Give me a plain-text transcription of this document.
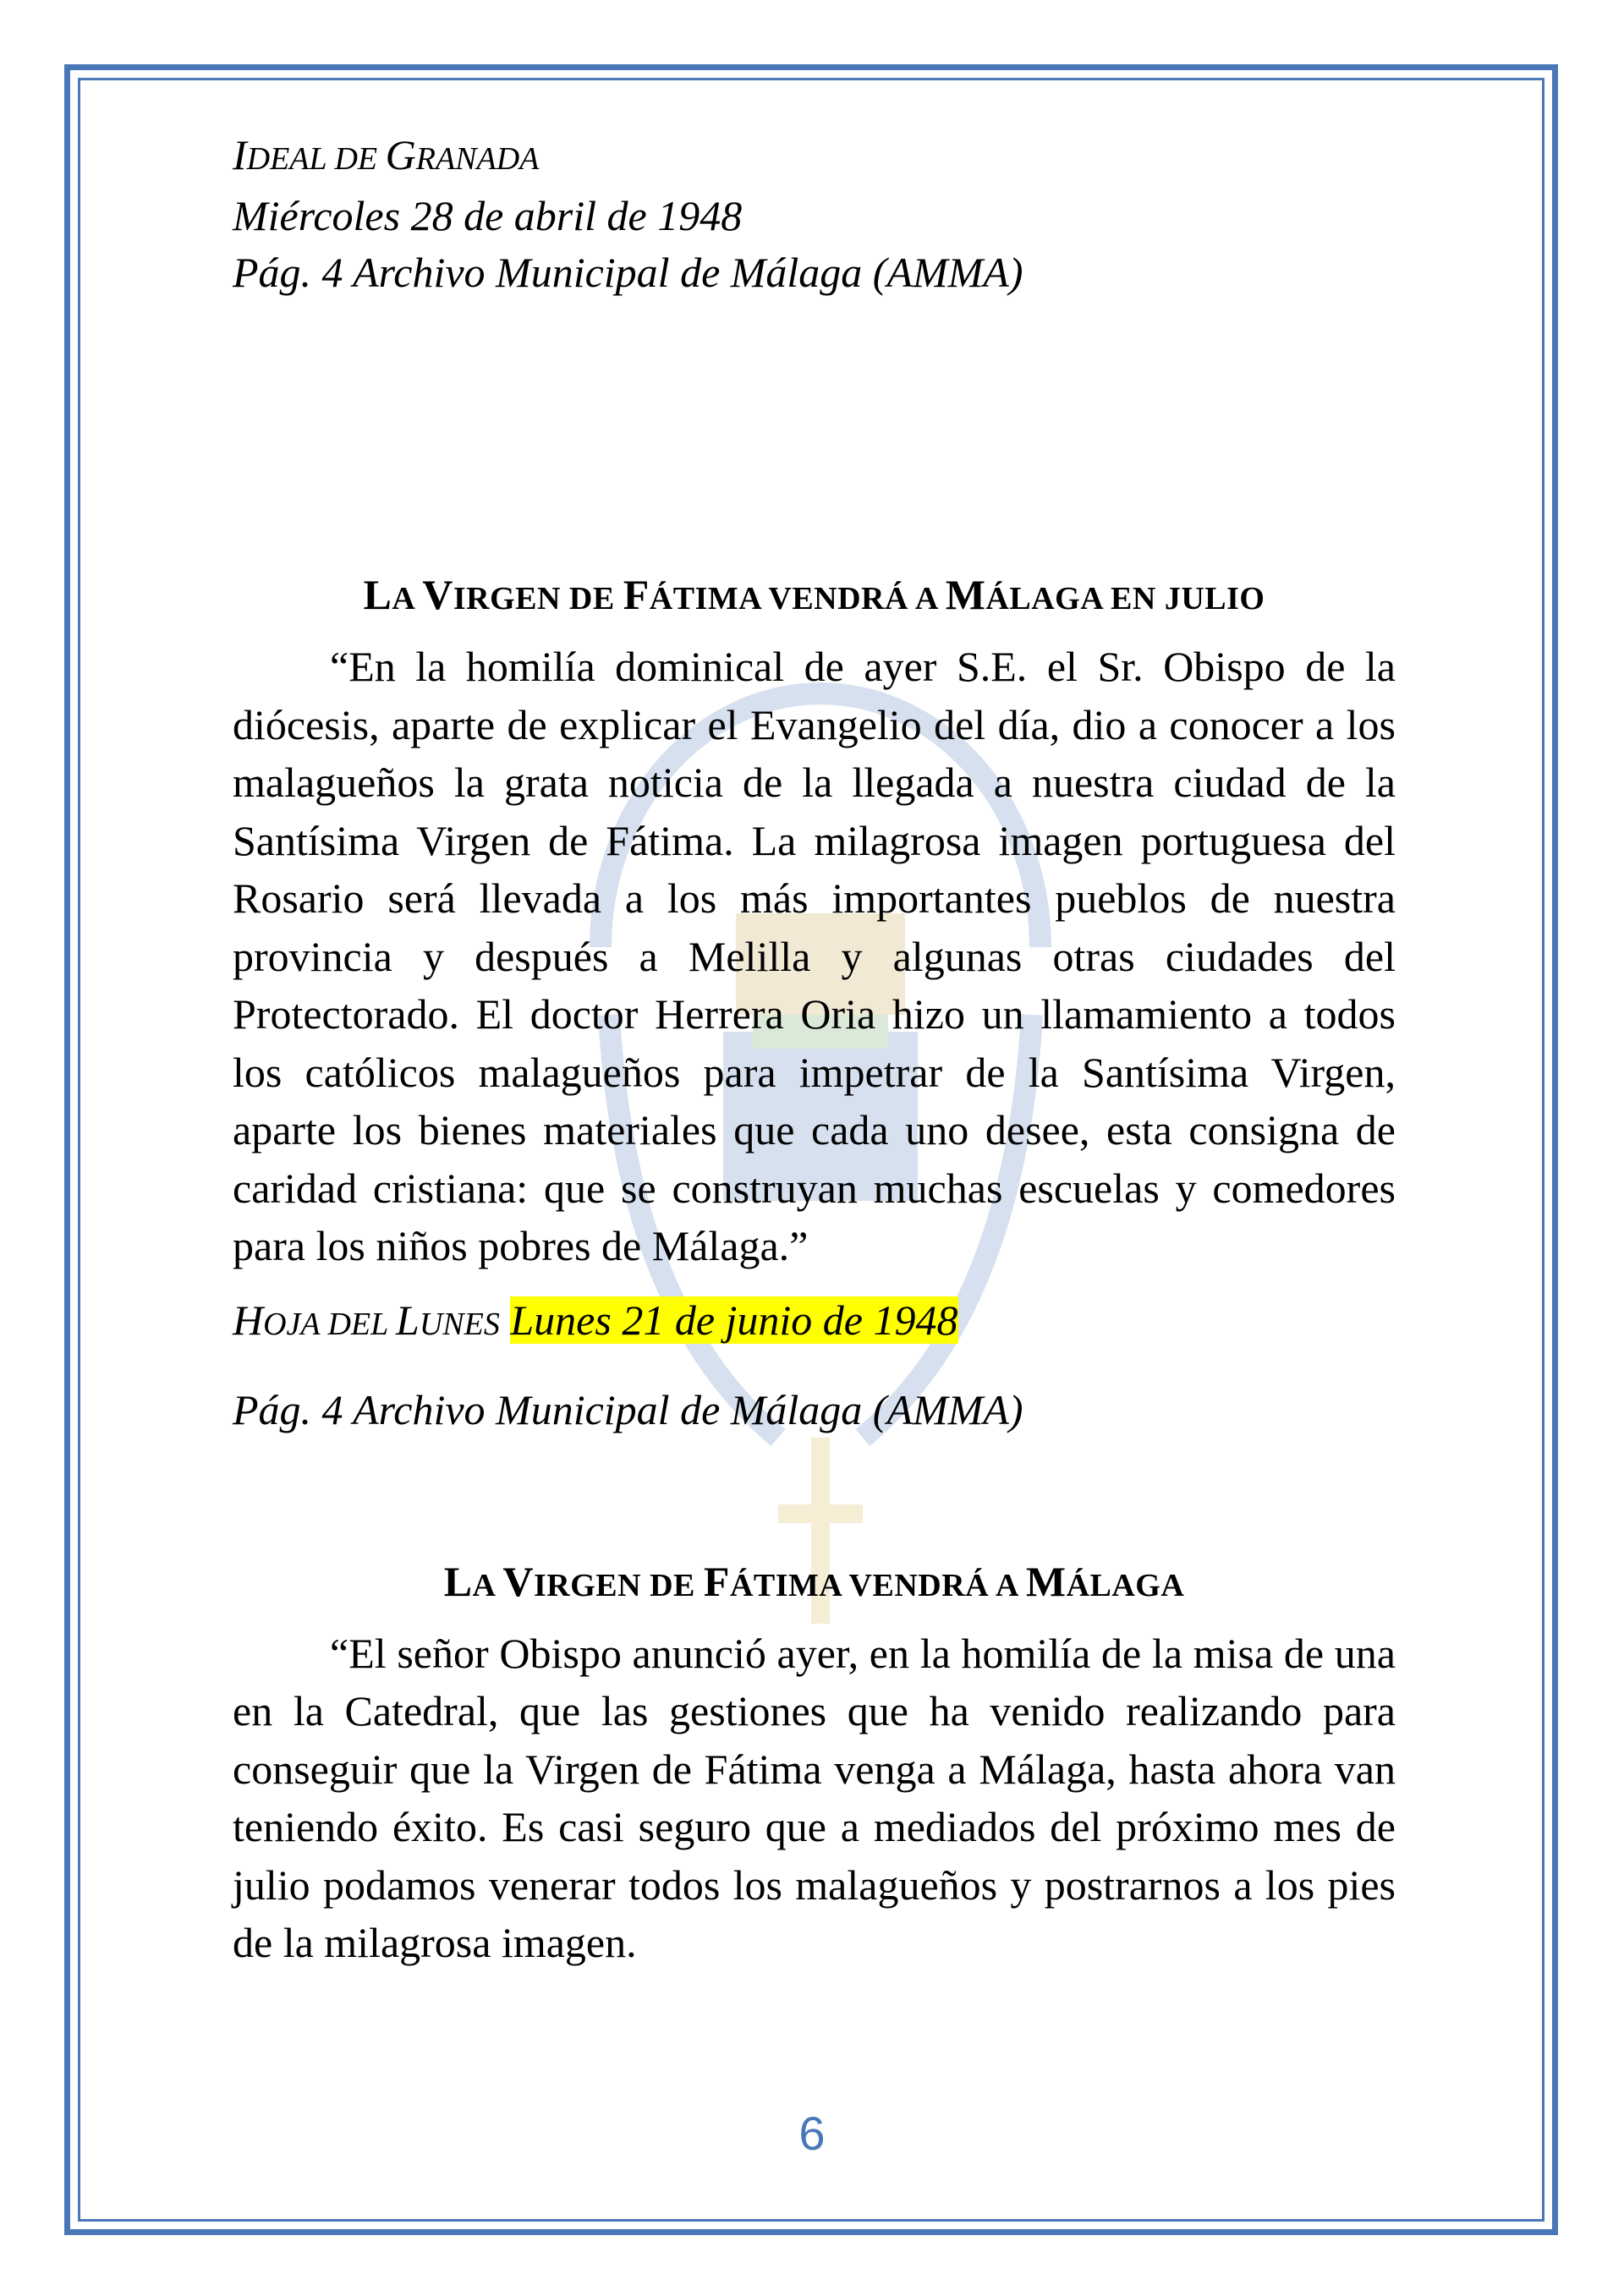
IDEAL DE GRANADA

Miércoles 28 de abril de 1948

Pág. 4 Archivo Municipal de Málaga (AMMA)

LA VIRGEN DE FÁTIMA VENDRÁ A MÁLAGA EN JULIO

“En la homilía dominical de ayer S.E. el Sr. Obispo de la diócesis, aparte de explicar el Evangelio del día, dio a conocer a los malagueños la grata noticia de la llegada a nuestra ciudad de la Santísima Virgen de Fátima. La milagrosa imagen portuguesa del Rosario será llevada a los más importantes pueblos de nuestra provincia y después a Melilla y algunas otras ciudades del Protectorado. El doctor Herrera Oria hizo un llamamiento a todos los católicos malagueños para impetrar de la Santísima Virgen, aparte los bienes materiales que cada uno desee, esta consigna de caridad cristiana: que se construyan muchas escuelas y comedores para los niños pobres de Málaga.”

HOJA DEL LUNES Lunes 21 de junio de 1948

Pág. 4 Archivo Municipal de Málaga (AMMA)

LA VIRGEN DE FÁTIMA VENDRÁ A MÁLAGA

“El señor Obispo anunció ayer, en la homilía de la misa de una en la Catedral, que las gestiones que ha venido realizando para conseguir que la Virgen de Fátima venga a Málaga, hasta ahora van teniendo éxito. Es casi seguro que a mediados del próximo mes de julio podamos venerar todos los malagueños y postrarnos a los pies de la milagrosa imagen.

6
